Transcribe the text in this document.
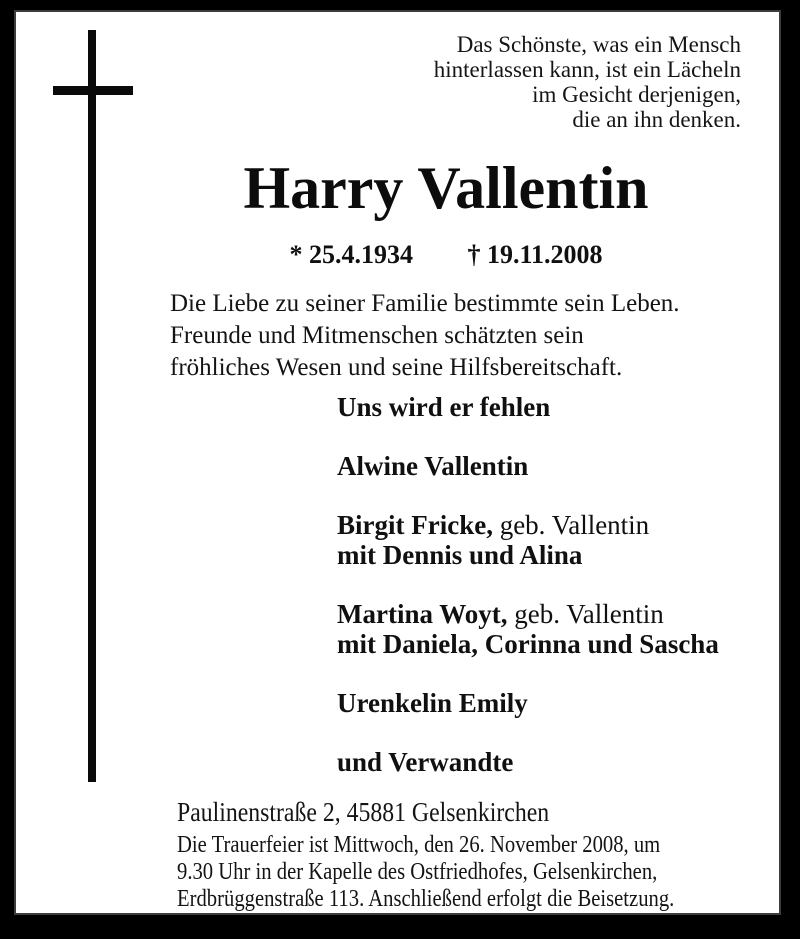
Das Schönste, was ein Mensch
hinterlassen kann, ist ein Lächeln
im Gesicht derjenigen,
die an ihn denken.
Harry Vallentin
* 25.4.1934 † 19.11.2008
Die Liebe zu seiner Familie bestimmte sein Leben.
Freunde und Mitmenschen schätzten sein
fröhliches Wesen und seine Hilfsbereitschaft.
Uns wird er fehlen
Alwine Vallentin
Birgit Fricke, geb. Vallentin
mit Dennis und Alina
Martina Woyt, geb. Vallentin
mit Daniela, Corinna und Sascha
Urenkelin Emily
und Verwandte
Paulinenstraße 2, 45881 Gelsenkirchen
Die Trauerfeier ist Mittwoch, den 26. November 2008, um
9.30 Uhr in der Kapelle des Ostfriedhofes, Gelsenkirchen,
Erdbrüggenstraße 113. Anschließend erfolgt die Beisetzung.
